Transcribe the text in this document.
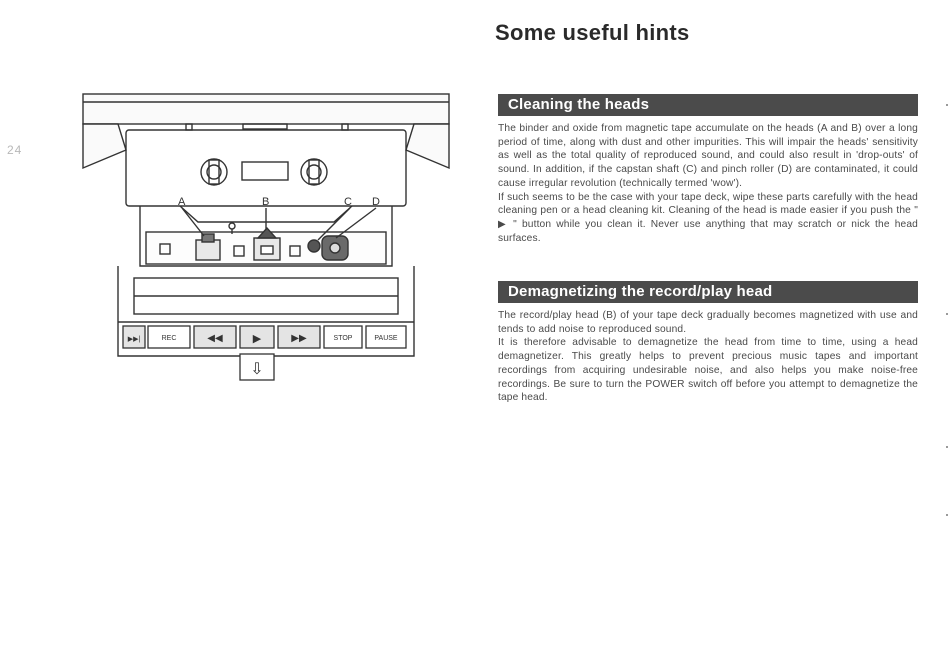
24
A	B	C D
▶▶|	REC	◀◀	▶	▶▶	STOP	PAUSE
⇩
Some useful hints
Cleaning the heads

The binder and oxide from magnetic tape accumulate on the heads (A and B) over a long period of time, along with dust and other impurities. This will impair the heads' sensitivity as well as the total quality of reproduced sound, and could also result in 'drop-outs' of sound. In addition, if the capstan shaft (C) and pinch roller (D) are contaminated, it could cause irregular revolution (technically termed 'wow').

If such seems to be the case with your tape deck, wipe these parts carefully with the head cleaning pen or a head cleaning kit. Cleaning of the head is made easier if you push the " ▶ " button while you clean it. Never use anything that may scratch or nick the head surfaces.

Demagnetizing the record/play head

The record/play head (B) of your tape deck gradually becomes magnetized with use and tends to add noise to reproduced sound.

It is therefore advisable to demagnetize the head from time to time, using a head demagnetizer. This greatly helps to prevent precious music tapes and important recordings from acquiring undesirable noise, and also helps you make noise-free recordings. Be sure to turn the POWER switch off before you attempt to demagnetize the tape head.
